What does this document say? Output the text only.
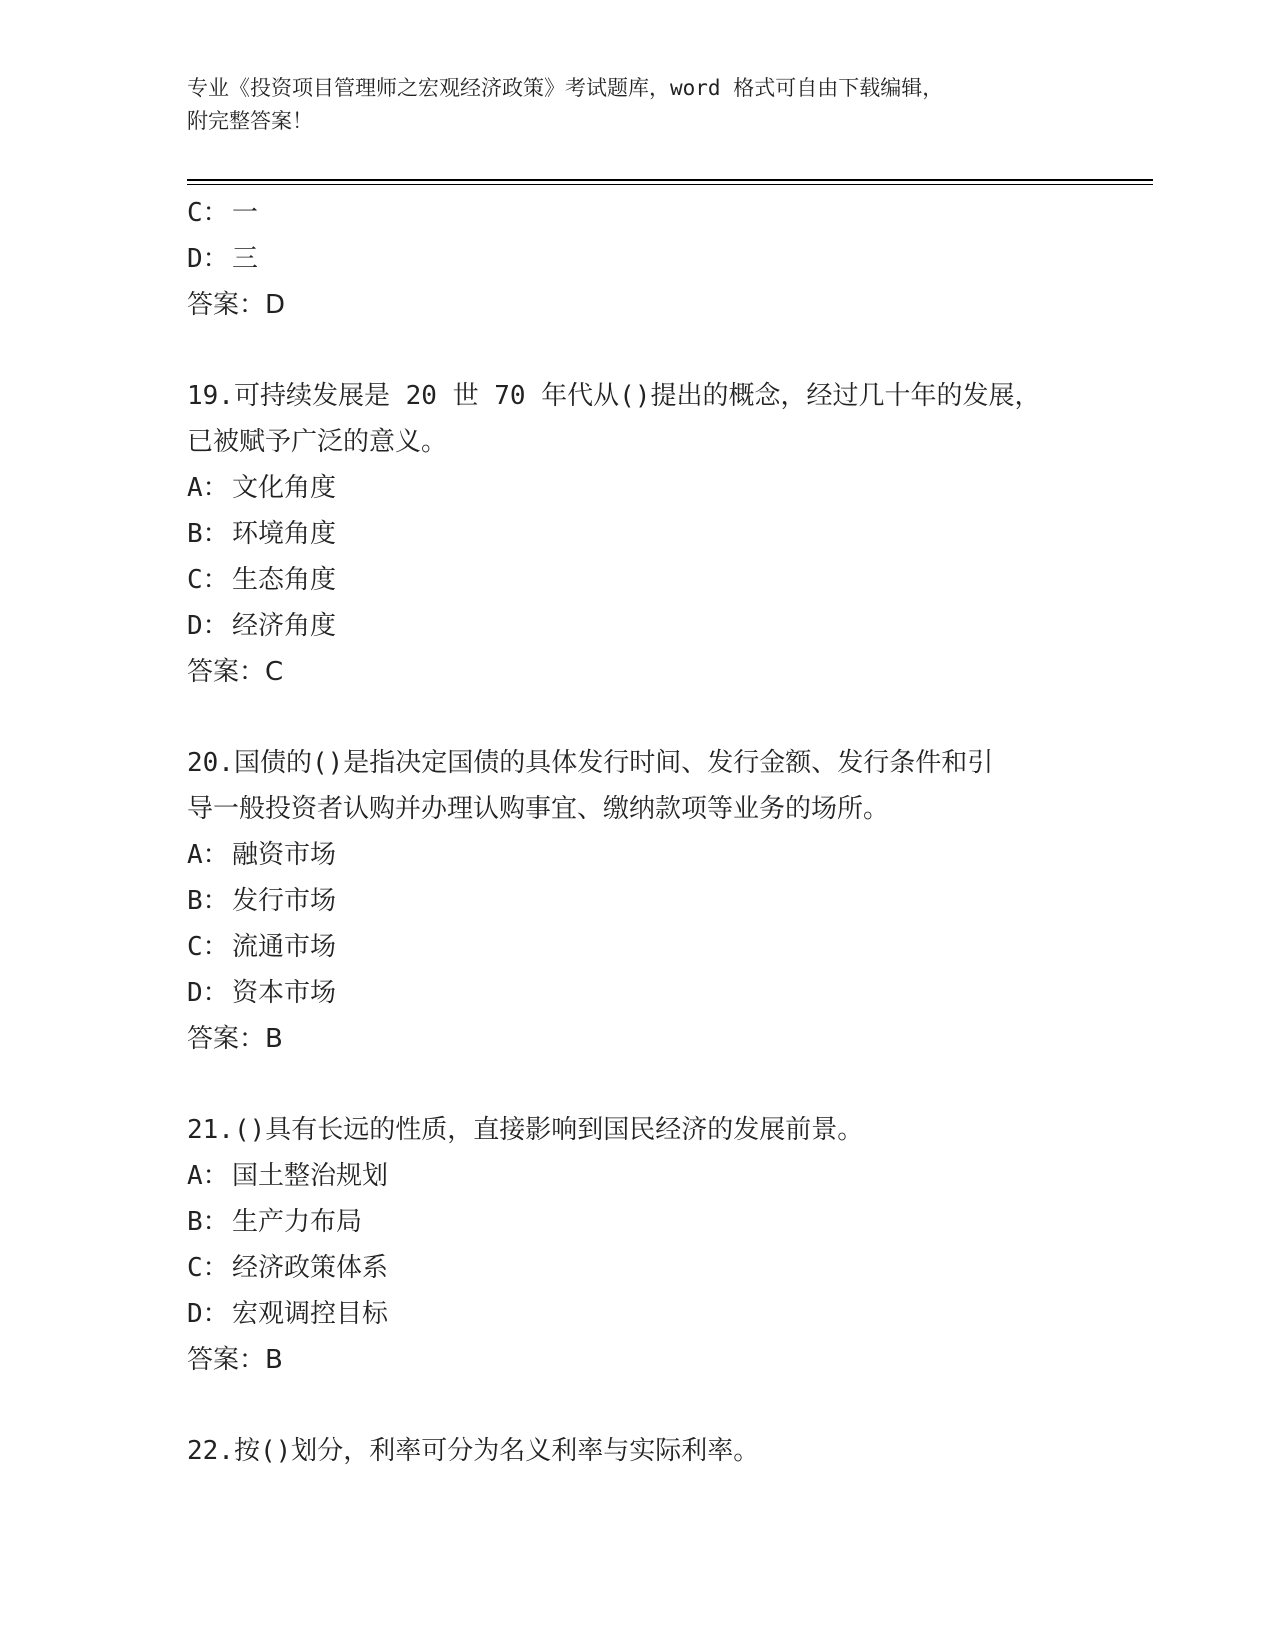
专业《投资项目管理师之宏观经济政策》考试题库，word 格式可自由下载编辑，
附完整答案！
C： 一
D： 三
答案：D
19.可持续发展是 20 世 70 年代从()提出的概念，经过几十年的发展，
已被赋予广泛的意义。
A： 文化角度
B： 环境角度
C： 生态角度
D： 经济角度
答案：C
20.国债的()是指决定国债的具体发行时间、发行金额、发行条件和引
导一般投资者认购并办理认购事宜、缴纳款项等业务的场所。
A： 融资市场
B： 发行市场
C： 流通市场
D： 资本市场
答案：B
21.()具有长远的性质，直接影响到国民经济的发展前景。
A： 国土整治规划
B： 生产力布局
C： 经济政策体系
D： 宏观调控目标
答案：B
22.按()划分，利率可分为名义利率与实际利率。
